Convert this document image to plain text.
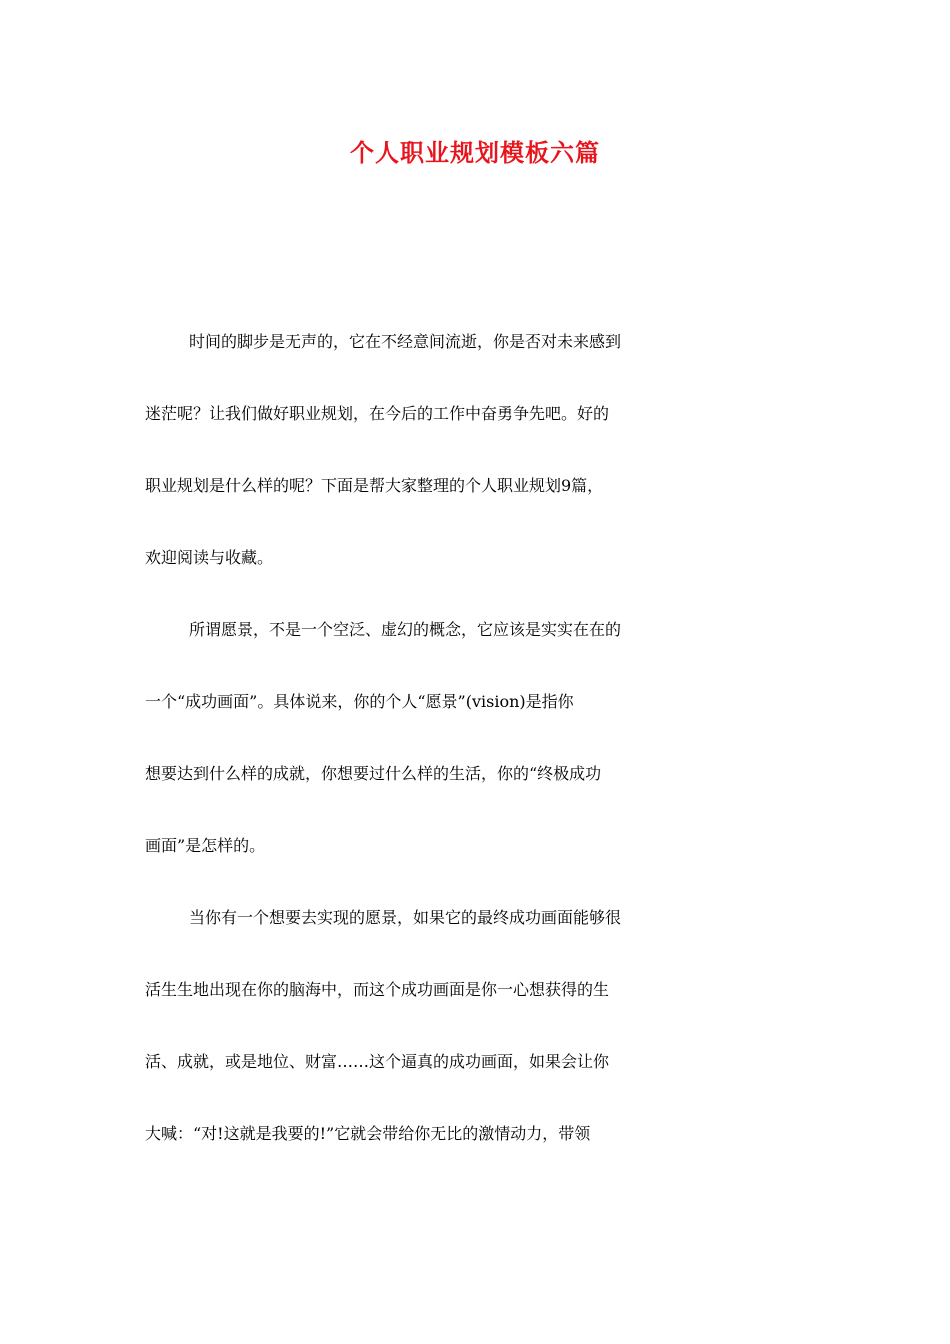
个人职业规划模板六篇
时间的脚步是无声的，它在不经意间流逝，你是否对未来感到
迷茫呢？让我们做好职业规划，在今后的工作中奋勇争先吧。好的
职业规划是什么样的呢？下面是帮大家整理的个人职业规划9篇，
欢迎阅读与收藏。
所谓愿景，不是一个空泛、虚幻的概念，它应该是实实在在的
一个“成功画面”。具体说来，你的个人“愿景”(vision)是指你
想要达到什么样的成就，你想要过什么样的生活，你的“终极成功
画面”是怎样的。
当你有一个想要去实现的愿景，如果它的最终成功画面能够很
活生生地出现在你的脑海中，而这个成功画面是你一心想获得的生
活、成就，或是地位、财富……这个逼真的成功画面，如果会让你
大喊：“对!这就是我要的!”它就会带给你无比的激情动力，带领
